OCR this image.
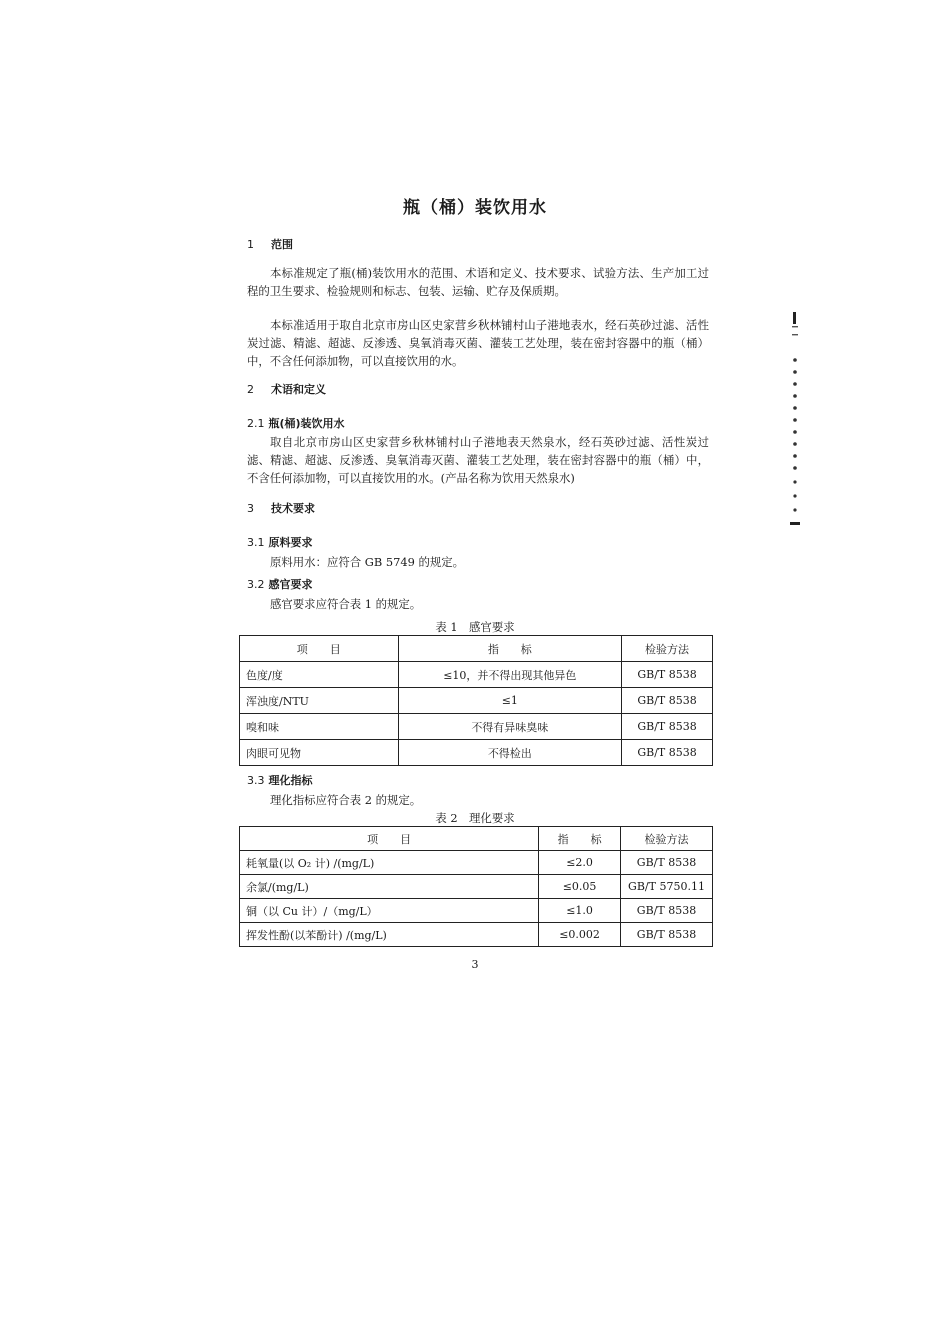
瓶（桶）装饮用水
1 范围

本标准规定了瓶(桶)装饮用水的范围、术语和定义、技术要求、试验方法、生产加工过程的卫生要求、检验规则和标志、包装、运输、贮存及保质期。

本标准适用于取自北京市房山区史家营乡秋林铺村山子港地表水，经石英砂过滤、活性炭过滤、精滤、超滤、反渗透、臭氧消毒灭菌、灌装工艺处理，装在密封容器中的瓶（桶）中，不含任何添加物，可以直接饮用的水。

2 术语和定义
2.1 瓶(桶)装饮用水

取自北京市房山区史家营乡秋林铺村山子港地表天然泉水，经石英砂过滤、活性炭过滤、精滤、超滤、反渗透、臭氧消毒灭菌、灌装工艺处理，装在密封容器中的瓶（桶）中，不含任何添加物，可以直接饮用的水。(产品名称为饮用天然泉水)

3 技术要求
3.1 原料要求
原料用水：应符合 GB 5749 的规定。
3.2 感官要求
感官要求应符合表 1 的规定。
表 1　感官要求
项　　目	指　　标	检验方法
色度/度	≤10，并不得出现其他异色	GB/T 8538
浑浊度/NTU	≤1	GB/T 8538
嗅和味	不得有异味臭味	GB/T 8538
肉眼可见物	不得检出	GB/T 8538
3.3 理化指标
理化指标应符合表 2 的规定。
表 2　理化要求
项　　目	指　　标	检验方法
耗氧量(以 O₂ 计) /(mg/L)	≤2.0	GB/T 8538
余氯/(mg/L)	≤0.05	GB/T 5750.11
铜（以 Cu 计）/（mg/L）	≤1.0	GB/T 8538
挥发性酚(以苯酚计) /(mg/L)	≤0.002	GB/T 8538
3
